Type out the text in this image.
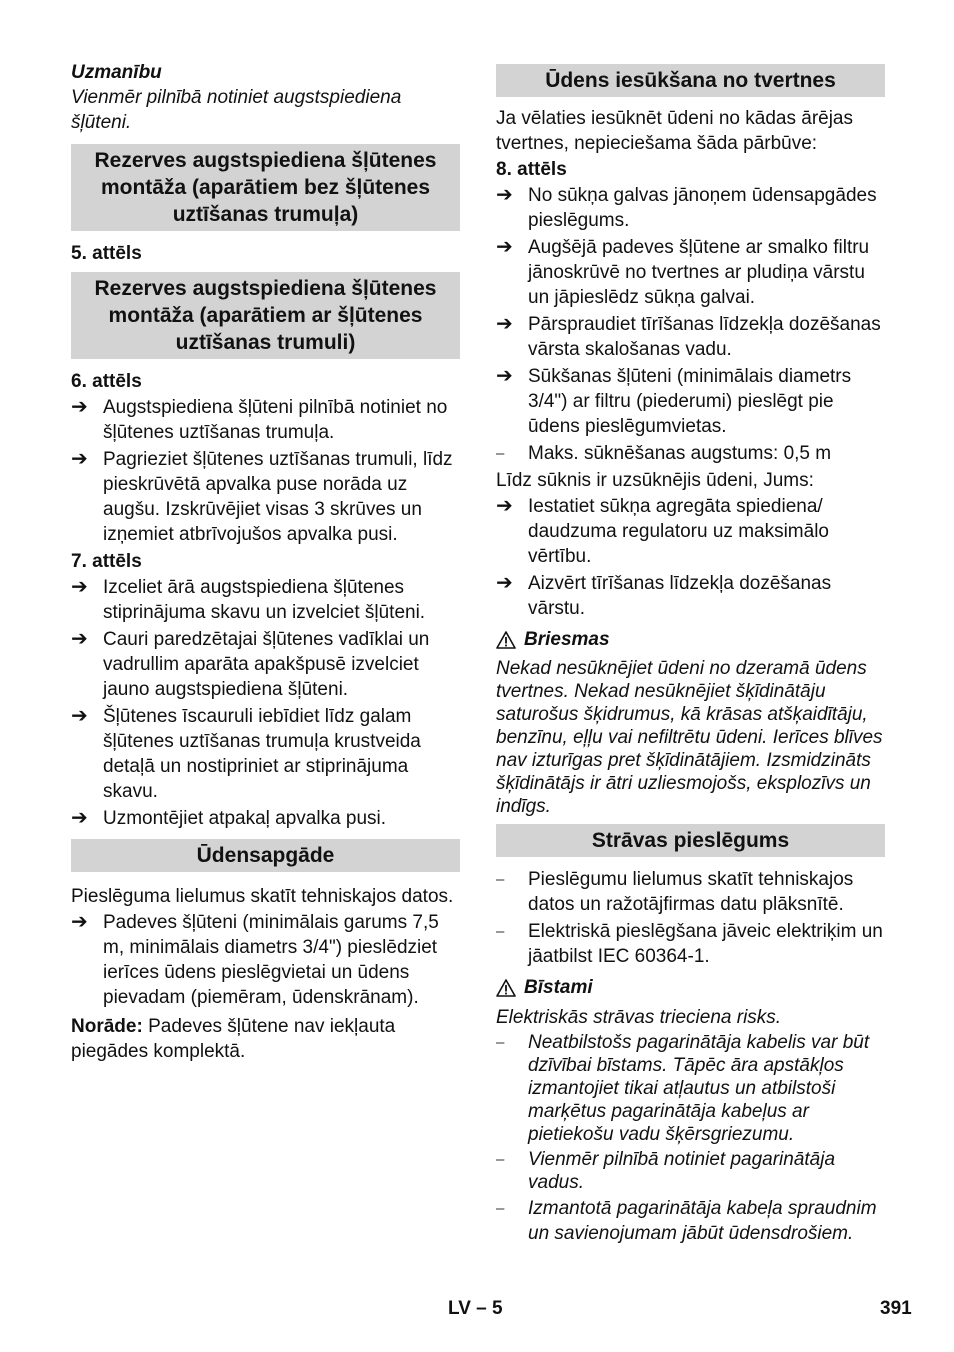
Uzmanību

Vienmēr pilnībā notiniet augstspiediena šļūteni.

Rezerves augstspiediena šļūtenes montāža (aparātiem bez šļūtenes uztīšanas trumuļa)

5. attēls

Rezerves augstspiediena šļūtenes montāža (aparātiem ar šļūtenes uztīšanas trumuli)

6. attēls

➔ Augstspiediena šļūteni pilnībā notiniet no šļūtenes uztīšanas trumuļa.
➔ Pagrieziet šļūtenes uztīšanas trumuli, līdz pieskrūvētā apvalka puse norāda uz augšu. Izskrūvējiet visas 3 skrūves un izņemiet atbrīvojušos apvalka pusi.

7. attēls

➔ Izceliet ārā augstspiediena šļūtenes stiprinājuma skavu un izvelciet šļūteni.
➔ Cauri paredzētajai šļūtenes vadīklai un vadrullim aparāta apakšpusē izvelciet jauno augstspiediena šļūteni.
➔ Šļūtenes īscauruli iebīdiet līdz galam šļūtenes uztīšanas trumuļa krustveida detaļā un nostipriniet ar stiprinājuma skavu.
➔ Uzmontējiet atpakaļ apvalka pusi.
Ūdensapgāde

Pieslēguma lielumus skatīt tehniskajos datos.

➔ Padeves šļūteni (minimālais garums 7,5 m, minimālais diametrs 3/4") pieslēdziet ierīces ūdens pieslēgvietai un ūdens pievadam (piemēram, ūdenskrānam).

Norāde: Padeves šļūtene nav iekļauta piegādes komplektā.

Ūdens iesūkšana no tvertnes

Ja vēlaties iesūknēt ūdeni no kādas ārējas tvertnes, nepieciešama šāda pārbūve:

8. attēls

➔ No sūkņa galvas jānoņem ūdensapgādes pieslēgums.
➔ Augšējā padeves šļūtene ar smalko filtru jānoskrūvē no tvertnes ar pludiņa vārstu un jāpieslēdz sūkņa galvai.
➔ Pārspraudiet tīrīšanas līdzekļa dozēšanas vārsta skalošanas vadu.
➔ Sūkšanas šļūteni (minimālais diametrs 3/4") ar filtru (piederumi) pieslēgt pie ūdens pieslēgumvietas.
–	Maks. sūknēšanas augstums: 0,5 m

Līdz sūknis ir uzsūknējis ūdeni, Jums:

➔ Iestatiet sūkņa agregāta spiediena/ daudzuma regulatoru uz maksimālo vērtību.
➔ Aizvērt tīrīšanas līdzekļa dozēšanas vārstu.
Briesmas

Nekad nesūknējiet ūdeni no dzeramā ūdens tvertnes. Nekad nesūknējiet šķīdinātāju saturošus šķidrumus, kā krāsas atšķaidītāju, benzīnu, eļļu vai nefiltrētu ūdeni. Ierīces blīves nav izturīgas pret šķīdinātājiem. Izsmidzināts šķīdinātājs ir ātri uzliesmojošs, eksplozīvs un indīgs.

Strāvas pieslēgums
–	Pieslēgumu lielumus skatīt tehniskajos datos un ražotājfirmas datu plāksnītē.
–	Elektriskā pieslēgšana jāveic elektriķim un jāatbilst IEC 60364-1.
Bīstami

Elektriskās strāvas trieciena risks.

–	Neatbilstošs pagarinātāja kabelis var būt dzīvībai bīstams. Tāpēc āra apstākļos izmantojiet tikai atļautus un atbilstoši marķētus pagarinātāja kabeļus ar pietiekošu vadu šķērsgriezumu.
–	Vienmēr pilnībā notiniet pagarinātāja vadus.
–	Izmantotā pagarinātāja kabeļa spraudnim un savienojumam jābūt ūdensdrošiem.
LV – 5	391
